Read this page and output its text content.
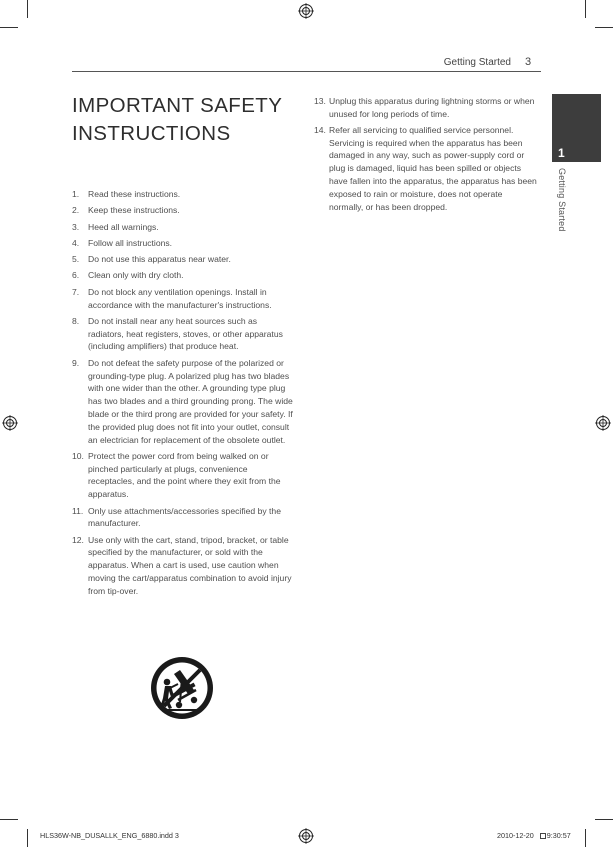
Getting Started 3
1
Getting Started
IMPORTANT SAFETY INSTRUCTIONS
1. Read these instructions.
2. Keep these instructions.
3. Heed all warnings.
4. Follow all instructions.
5. Do not use this apparatus near water.
6. Clean only with dry cloth.
7. Do not block any ventilation openings. Install in accordance with the manufacturer's instructions.
8. Do not install near any heat sources such as radiators, heat registers, stoves, or other apparatus (including amplifiers) that produce heat.
9. Do not defeat the safety purpose of the polarized or grounding-type plug. A polarized plug has two blades with one wider than the other. A grounding type plug has two blades and a third grounding prong. The wide blade or the third prong are provided for your safety. If the provided plug does not fit into your outlet, consult an electrician for replacement of the obsolete outlet.
10. Protect the power cord from being walked on or pinched particularly at plugs, convenience receptacles, and the point where they exit from the apparatus.
11. Only use attachments/accessories specified by the manufacturer.
12. Use only with the cart, stand, tripod, bracket, or table specified by the manufacturer, or sold with the apparatus. When a cart is used, use caution when moving the cart/apparatus combination to avoid injury from tip-over.
13. Unplug this apparatus during lightning storms or when unused for long periods of time.
14. Refer all servicing to qualified service personnel. Servicing is required when the apparatus has been damaged in any way, such as power-supply cord or plug is damaged, liquid has been spilled or objects have fallen into the apparatus, the apparatus has been exposed to rain or moisture, does not operate normally, or has been dropped.
HLS36W-NB_DUSALLK_ENG_6880.indd 3	2010-12-20 9:30:57
